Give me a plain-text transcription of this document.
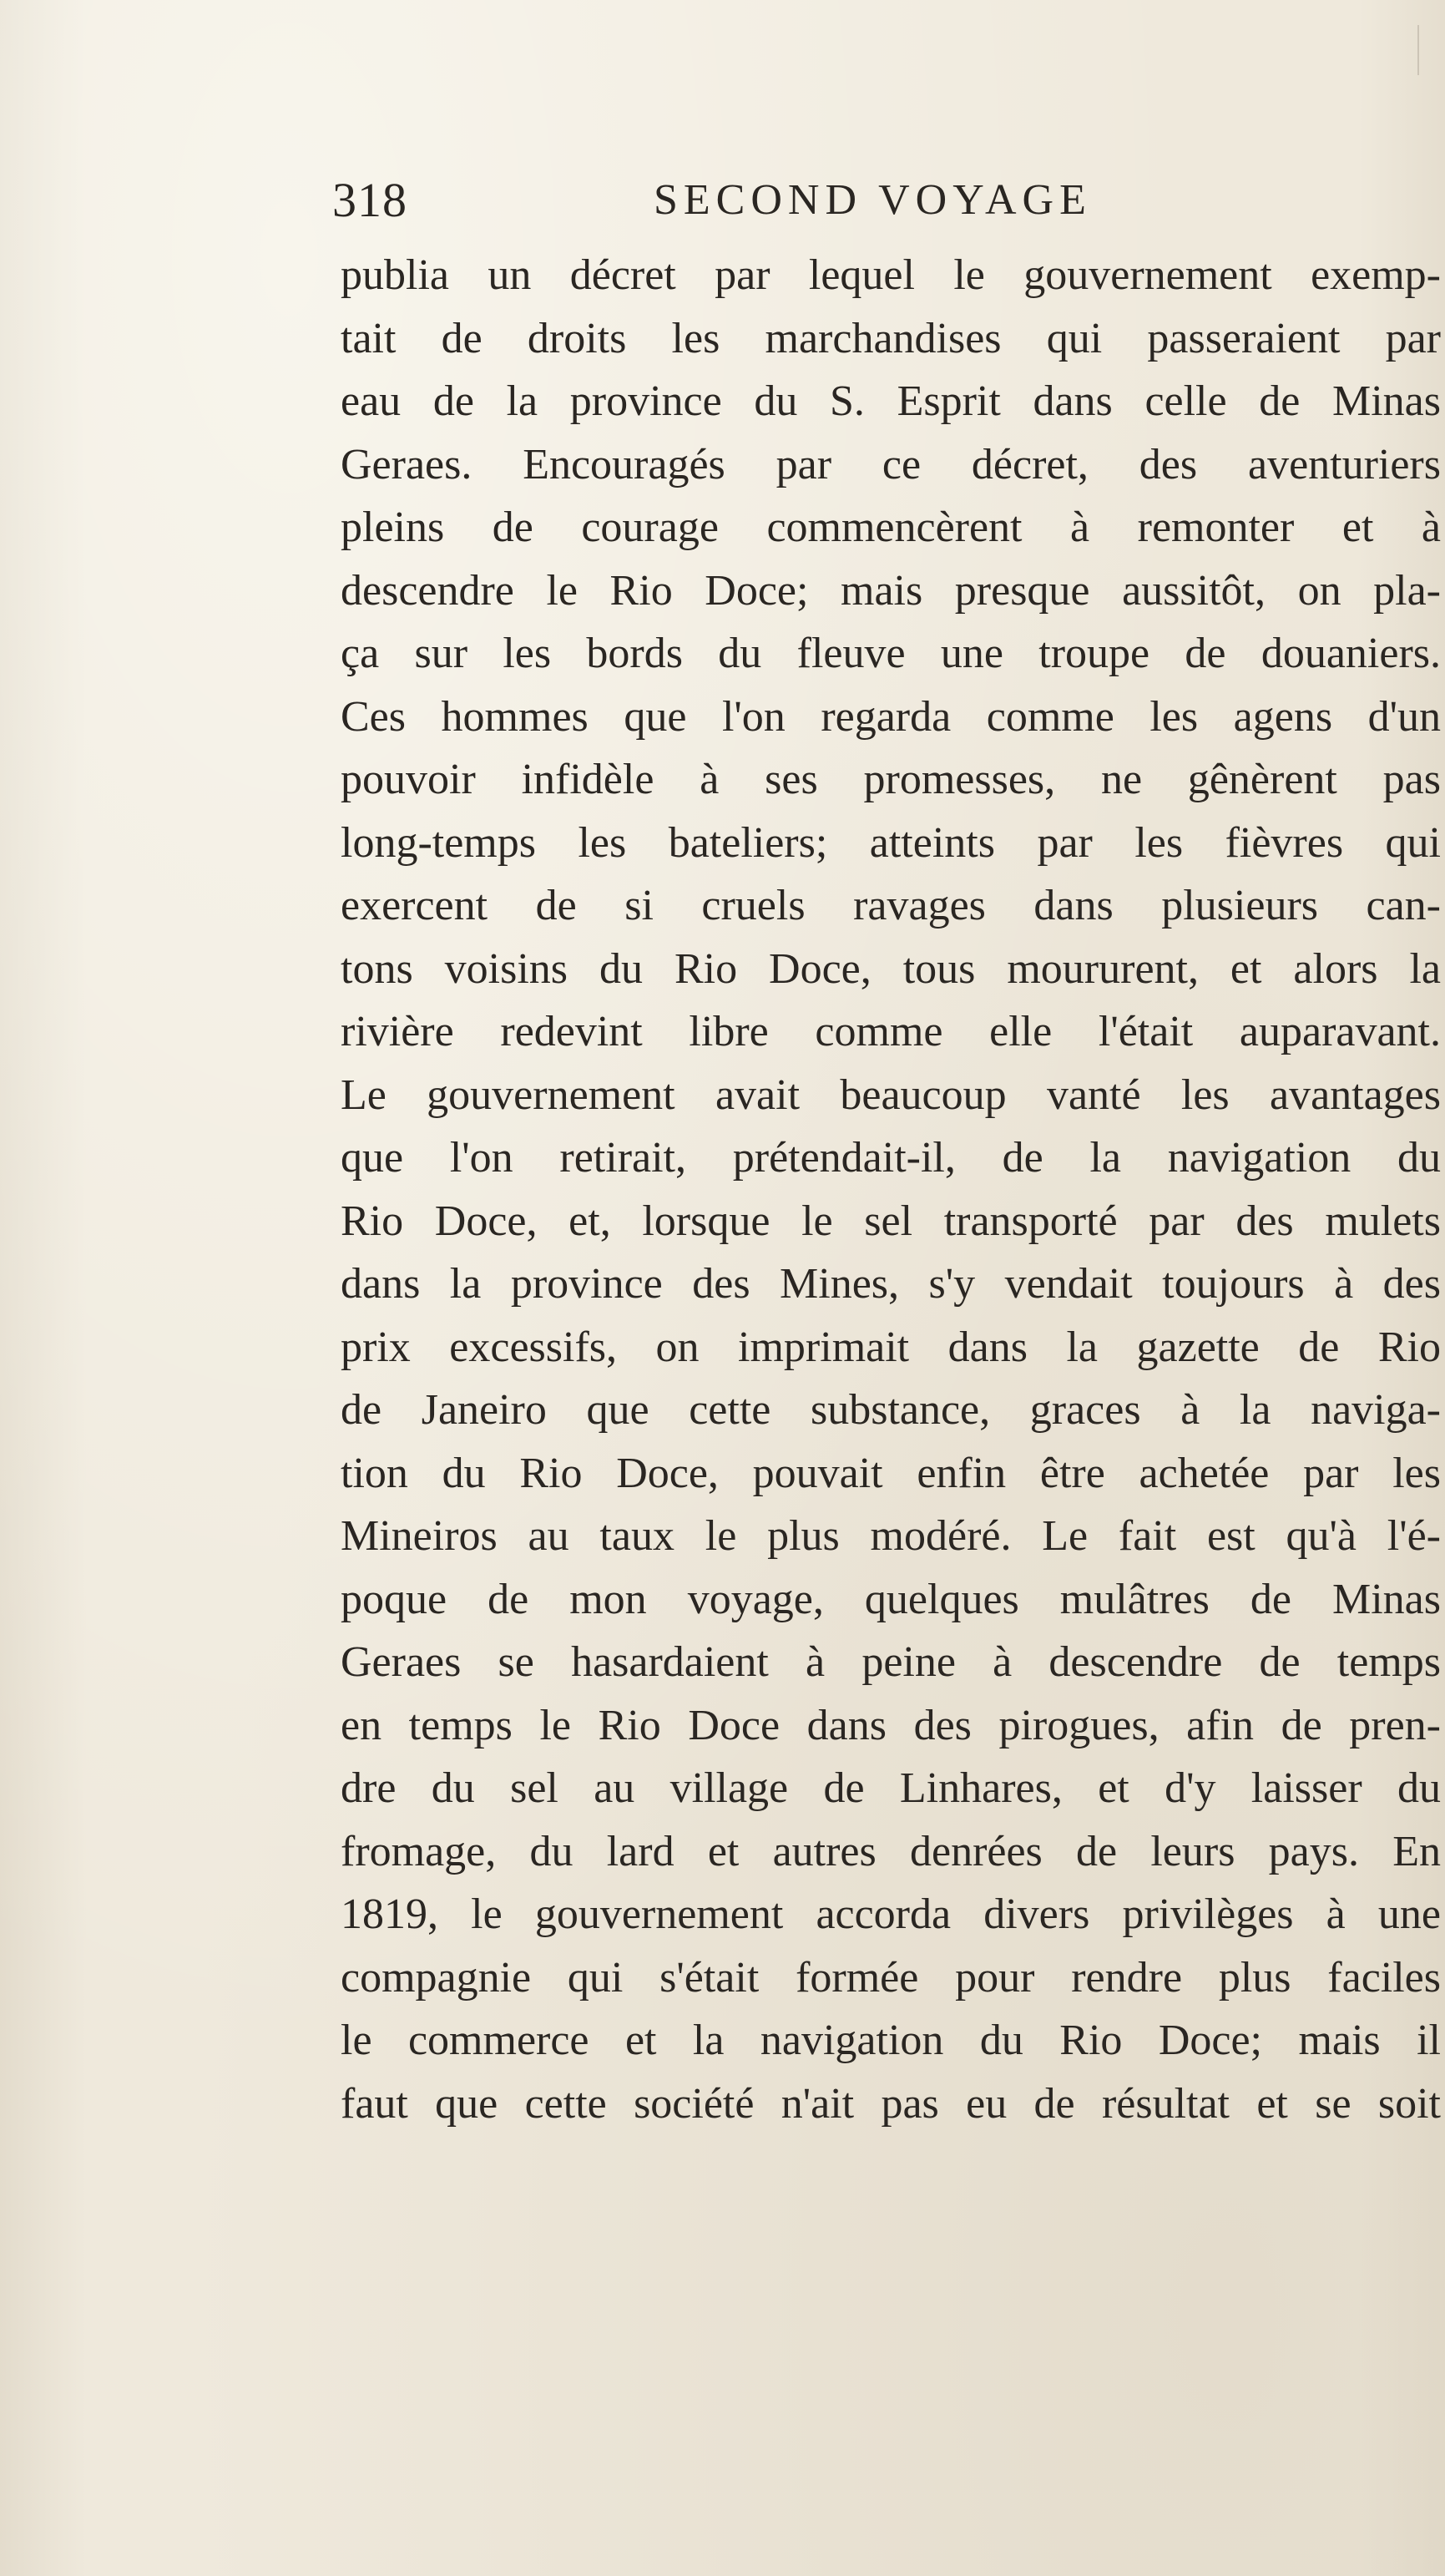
318	SECOND VOYAGE
publia un décret par lequel le gouvernement exemp-
tait de droits les marchandises qui passeraient par
eau de la province du S. Esprit dans celle de Minas
Geraes. Encouragés par ce décret, des aventuriers
pleins de courage commencèrent à remonter et à
descendre le Rio Doce; mais presque aussitôt, on pla-
ça sur les bords du fleuve une troupe de douaniers.
Ces hommes que l'on regarda comme les agens d'un
pouvoir infidèle à ses promesses, ne gênèrent pas
long-temps les bateliers; atteints par les fièvres qui
exercent de si cruels ravages dans plusieurs can-
tons voisins du Rio Doce, tous moururent, et alors la
rivière redevint libre comme elle l'était auparavant.
Le gouvernement avait beaucoup vanté les avantages
que l'on retirait, prétendait-il, de la navigation du
Rio Doce, et, lorsque le sel transporté par des mulets
dans la province des Mines, s'y vendait toujours à des
prix excessifs, on imprimait dans la gazette de Rio
de Janeiro que cette substance, graces à la naviga-
tion du Rio Doce, pouvait enfin être achetée par les
Mineiros au taux le plus modéré. Le fait est qu'à l'é-
poque de mon voyage, quelques mulâtres de Minas
Geraes se hasardaient à peine à descendre de temps
en temps le Rio Doce dans des pirogues, afin de pren-
dre du sel au village de Linhares, et d'y laisser du
fromage, du lard et autres denrées de leurs pays. En
1819, le gouvernement accorda divers privilèges à une
compagnie qui s'était formée pour rendre plus faciles
le commerce et la navigation du Rio Doce; mais il
faut que cette société n'ait pas eu de résultat et se soit
